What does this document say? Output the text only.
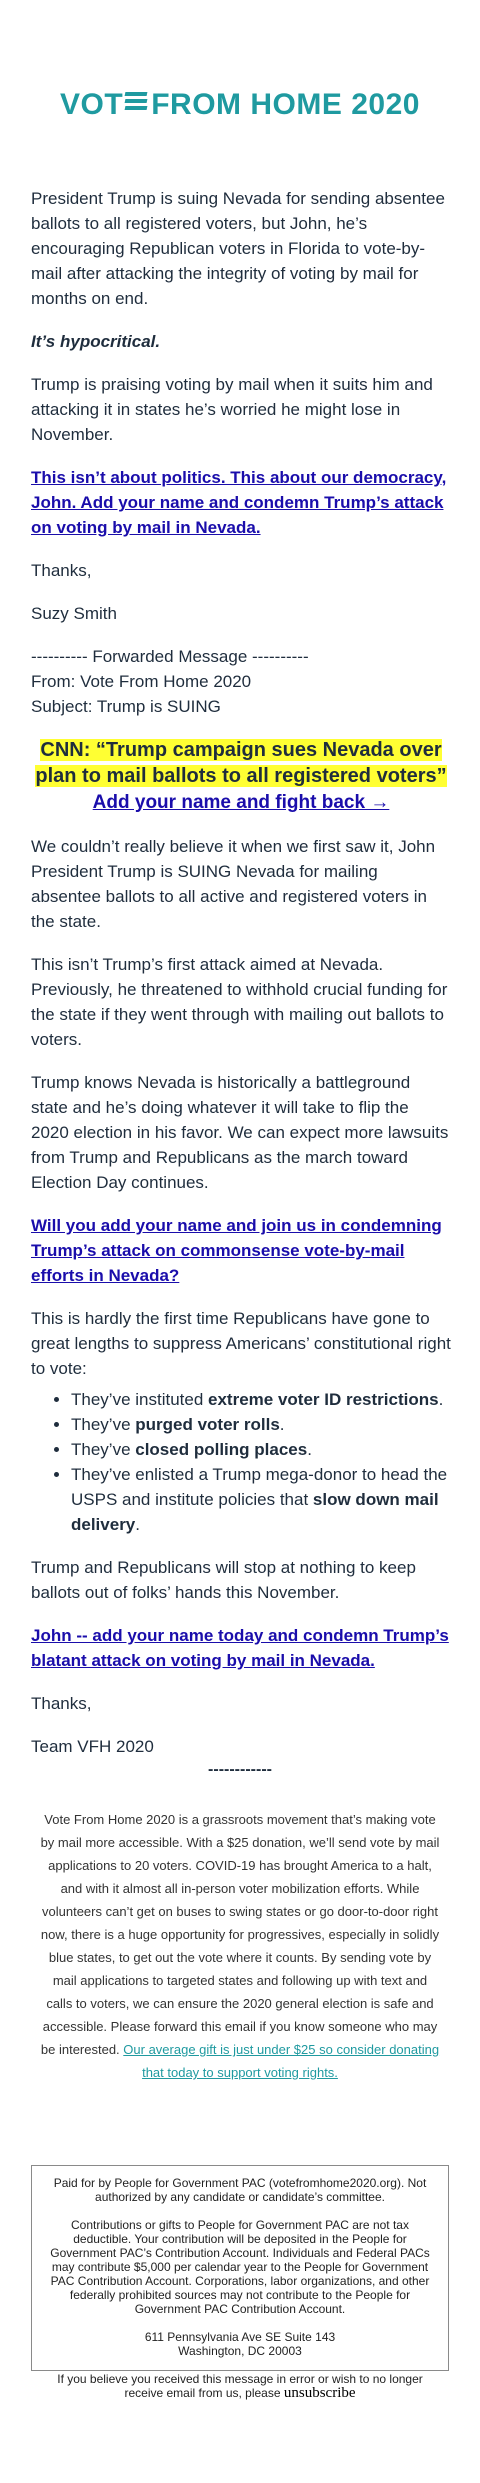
VOT FROM HOME 2020

President Trump is suing Nevada for sending absentee ballots to all registered voters, but John, he’s encouraging Republican voters in Florida to vote-by-mail after attacking the integrity of voting by mail for months on end.

It’s hypocritical.

Trump is praising voting by mail when it suits him and attacking it in states he’s worried he might lose in November.

This isn’t about politics. This about our democracy, John. Add your name and condemn Trump’s attack on voting by mail in Nevada.

Thanks,

Suzy Smith

---------- Forwarded Message ----------
From: Vote From Home 2020
Subject: Trump is SUING
CNN: “Trump campaign sues Nevada over plan to mail ballots to all registered voters”
Add your name and fight back →

We couldn’t really believe it when we first saw it, John President Trump is SUING Nevada for mailing absentee ballots to all active and registered voters in the state.

This isn’t Trump’s first attack aimed at Nevada. Previously, he threatened to withhold crucial funding for the state if they went through with mailing out ballots to voters.

Trump knows Nevada is historically a battleground state and he’s doing whatever it will take to flip the 2020 election in his favor. We can expect more lawsuits from Trump and Republicans as the march toward Election Day continues.

Will you add your name and join us in condemning Trump’s attack on commonsense vote-by-mail efforts in Nevada?

This is hardly the first time Republicans have gone to great lengths to suppress Americans’ constitutional right to vote:

• They’ve instituted extreme voter ID restrictions.
• They’ve purged voter rolls.
• They’ve closed polling places.
• They’ve enlisted a Trump mega-donor to head the USPS and institute policies that slow down mail delivery.

Trump and Republicans will stop at nothing to keep ballots out of folks’ hands this November.

John -- add your name today and condemn Trump’s blatant attack on voting by mail in Nevada.

Thanks,

Team VFH 2020

------------
Vote From Home 2020 is a grassroots movement that’s making vote by mail more accessible. With a $25 donation, we’ll send vote by mail applications to 20 voters. COVID-19 has brought America to a halt, and with it almost all in-person voter mobilization efforts. While volunteers can’t get on buses to swing states or go door-to-door right now, there is a huge opportunity for progressives, especially in solidly blue states, to get out the vote where it counts. By sending vote by mail applications to targeted states and following up with text and calls to voters, we can ensure the 2020 general election is safe and accessible. Please forward this email if you know someone who may be interested. Our average gift is just under $25 so consider donating that today to support voting rights.

Paid for by People for Government PAC (votefromhome2020.org). Not authorized by any candidate or candidate’s committee.

Contributions or gifts to People for Government PAC are not tax deductible. Your contribution will be deposited in the People for Government PAC’s Contribution Account. Individuals and Federal PACs may contribute $5,000 per calendar year to the People for Government PAC Contribution Account. Corporations, labor organizations, and other federally prohibited sources may not contribute to the People for Government PAC Contribution Account.

611 Pennsylvania Ave SE Suite 143
Washington, DC 20003

If you believe you received this message in error or wish to no longer receive email from us, please unsubscribe
